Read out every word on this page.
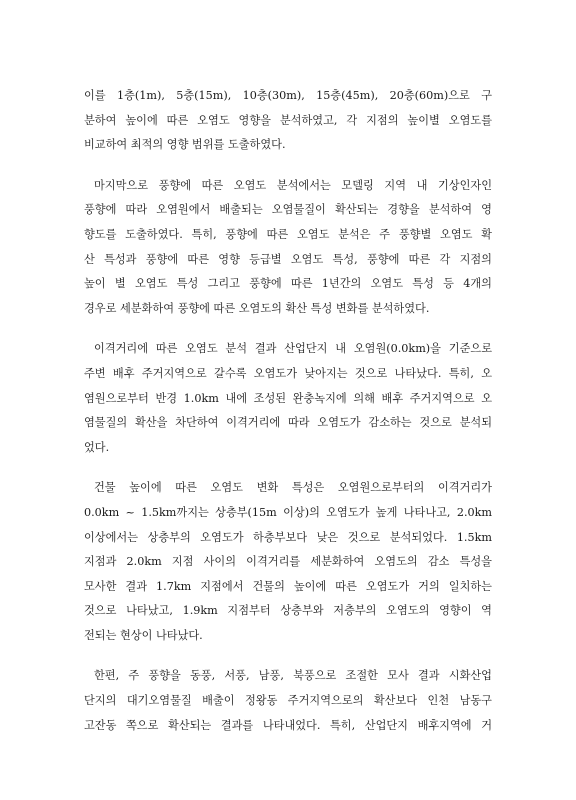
이를 1층(1m), 5층(15m), 10층(30m), 15층(45m), 20층(60m)으로 구
분하여 높이에 따른 오염도 영향을 분석하였고, 각 지점의 높이별 오염도를
비교하여 최적의 영향 범위를 도출하였다.

마지막으로 풍향에 따른 오염도 분석에서는 모델링 지역 내 기상인자인
풍향에 따라 오염원에서 배출되는 오염물질이 확산되는 경향을 분석하여 영
향도를 도출하였다. 특히, 풍향에 따른 오염도 분석은 주 풍향별 오염도 확
산 특성과 풍향에 따른 영향 등급별 오염도 특성, 풍향에 따른 각 지점의
높이 별 오염도 특성 그리고 풍향에 따른 1년간의 오염도 특성 등 4개의
경우로 세분화하여 풍향에 따른 오염도의 확산 특성 변화를 분석하였다.

이격거리에 따른 오염도 분석 결과 산업단지 내 오염원(0.0km)을 기준으로
주변 배후 주거지역으로 갈수록 오염도가 낮아지는 것으로 나타났다. 특히, 오
염원으로부터 반경 1.0km 내에 조성된 완충녹지에 의해 배후 주거지역으로 오
염물질의 확산을 차단하여 이격거리에 따라 오염도가 감소하는 것으로 분석되
었다.

건물 높이에 따른 오염도 변화 특성은 오염원으로부터의 이격거리가
0.0km ~ 1.5km까지는 상층부(15m 이상)의 오염도가 높게 나타나고, 2.0km
이상에서는 상층부의 오염도가 하층부보다 낮은 것으로 분석되었다. 1.5km
지점과 2.0km 지점 사이의 이격거리를 세분화하여 오염도의 감소 특성을
모사한 결과 1.7km 지점에서 건물의 높이에 따른 오염도가 거의 일치하는
것으로 나타났고, 1.9km 지점부터 상층부와 저층부의 오염도의 영향이 역
전되는 현상이 나타났다.

한편, 주 풍향을 동풍, 서풍, 남풍, 북풍으로 조절한 모사 결과 시화산업
단지의 대기오염물질 배출이 정왕동 주거지역으로의 확산보다 인천 남동구
고잔동 쪽으로 확산되는 결과를 나타내었다. 특히, 산업단지 배후지역에 거
